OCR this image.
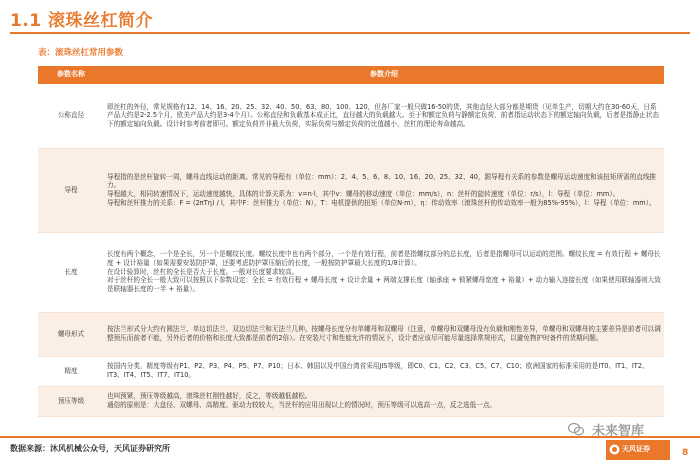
1.1 滚珠丝杠简介
表：滚珠丝杠常用参数
参数名称	参数介绍
公称直径	即丝杠的外径，常见规格有12、14、16、20、25、32、40、50、63、80、100、120，但各厂家一般只做16-50的货，其他直径大部分都是期货（见单生产，切期大约在30-60天，日系产品大约是2-2.5个月，欧美产品大约是3-4个月）。公称直径和负载基本成正比，直径越大的负载越大。至于和额定负荷与静额定负荷，前者指运动状态下的额定轴向负载，后者是指静止状态下的额定轴向负载。设计时参考前者即可。额定负荷并非最大负荷，实际负荷与额定负荷的比值越小，丝杠的理论寿命越高。

导程	导程指的是丝杆旋转一周，螺母直线运动的距离。常见的导程有（单位：mm）：2、4、5、6、8、10、16、20、25、32、40，跟导程有关系的参数是螺母运动速度和该扭矩所需的直线推力。

导程越大，相同转速情况下，运动速度越快，具体的计算关系为：v=n·l，其中v：螺母的移动速度（单位：mm/s），n：丝杆的旋转速度（单位：r/s），l：导程（单位：mm）。

导程和丝杆推力的关系：F = (2πTη) / l，其中F：丝杆推力（单位：N），T：电机提供的扭矩（单位N·m），η：传动效率（滚珠丝杆的传动效率一般为85%-95%），l：导程（单位：mm）。

长度	长度有两个概念，一个是全长，另一个是螺纹长度。螺纹长度中也有两个部分，一个是有效行程，前者是指螺纹部分的总长度，后者是指螺母可以运动的范围。螺纹长度 = 有效行程 + 螺母长度 + 设计裕量（如果需要安装防护罩，还要考虑防护罩压缩后的长度，一般按防护罩最大长度的1/8计算）。

在设计验算时，丝杠的全长是否大于长度。一般对长度要求较高。

对于丝杆的全长一般大致可以按照以下参数设定：全长 = 有效行程 + 螺母长度 + 设计余量 + 两端支撑长度（轴承座 + 锁紧螺母宽度 + 裕量）+ 动力输入连接长度（如果使用联轴器则大致是联轴器长度的一半 + 裕量）。

螺母形式	按法兰形式分大约有圆法兰、单边切法兰、双边切法兰和无法兰几种。按螺母长度分有单螺母和双螺母（注意，单螺母和双螺母没有负载和刚性差异，单螺母和双螺母的主要差异是前者可以调整预压而前者不能，另外后者的价格和长度大致都是前者的2倍）。在安装尺寸和性能允许的情况下，设计者应该尽可能尽量选择常规形式，以避免物护时备件的货期问题。

精度	按国内分类，精度等级有P1、P2、P3、P4、P5、P7、P10；日本、韩国以及中国台湾省采用JIS等级，即C0、C1、C2、C3、C5、C7、C10；欧洲国家的标准采用的是IT0、IT1、IT2、IT3、IT4、IT5、IT7、IT10。

预压等级	也叫预紧，预压等级越高，滚珠丝杠刚性越好，反之，等级越低越松。

通俗的原则是：大盘径、双螺母、高精度、驱动力较较大，当丝杆的应用出现以上的情况时，预压等级可以选高一点，反之选低一点。

数据来源：沐风机械公众号，天风证券研究所
未来智库
天风证券	8
